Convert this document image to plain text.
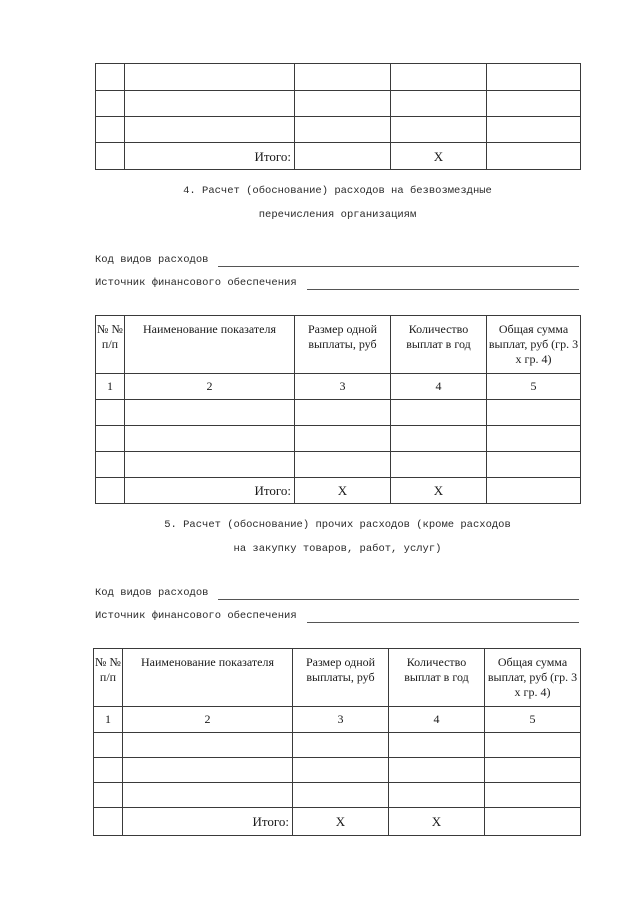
	Итого:		X	
4. Расчет (обоснование) расходов на безвозмездные
перечисления организациям
Код видов расходов
Источник финансового обеспечения
№ № п/п	Наименование показателя	Размер одной выплаты, руб	Количество выплат в год	Общая сумма выплат, руб (гр. 3 х гр. 4)
1	2	3	4	5

	Итого:	X	X	
5. Расчет (обоснование) прочих расходов (кроме расходов
на закупку товаров, работ, услуг)
Код видов расходов
Источник финансового обеспечения
№ № п/п	Наименование показателя	Размер одной выплаты, руб	Количество выплат в год	Общая сумма выплат, руб (гр. 3 х гр. 4)
1	2	3	4	5

	Итого:	X	X	
